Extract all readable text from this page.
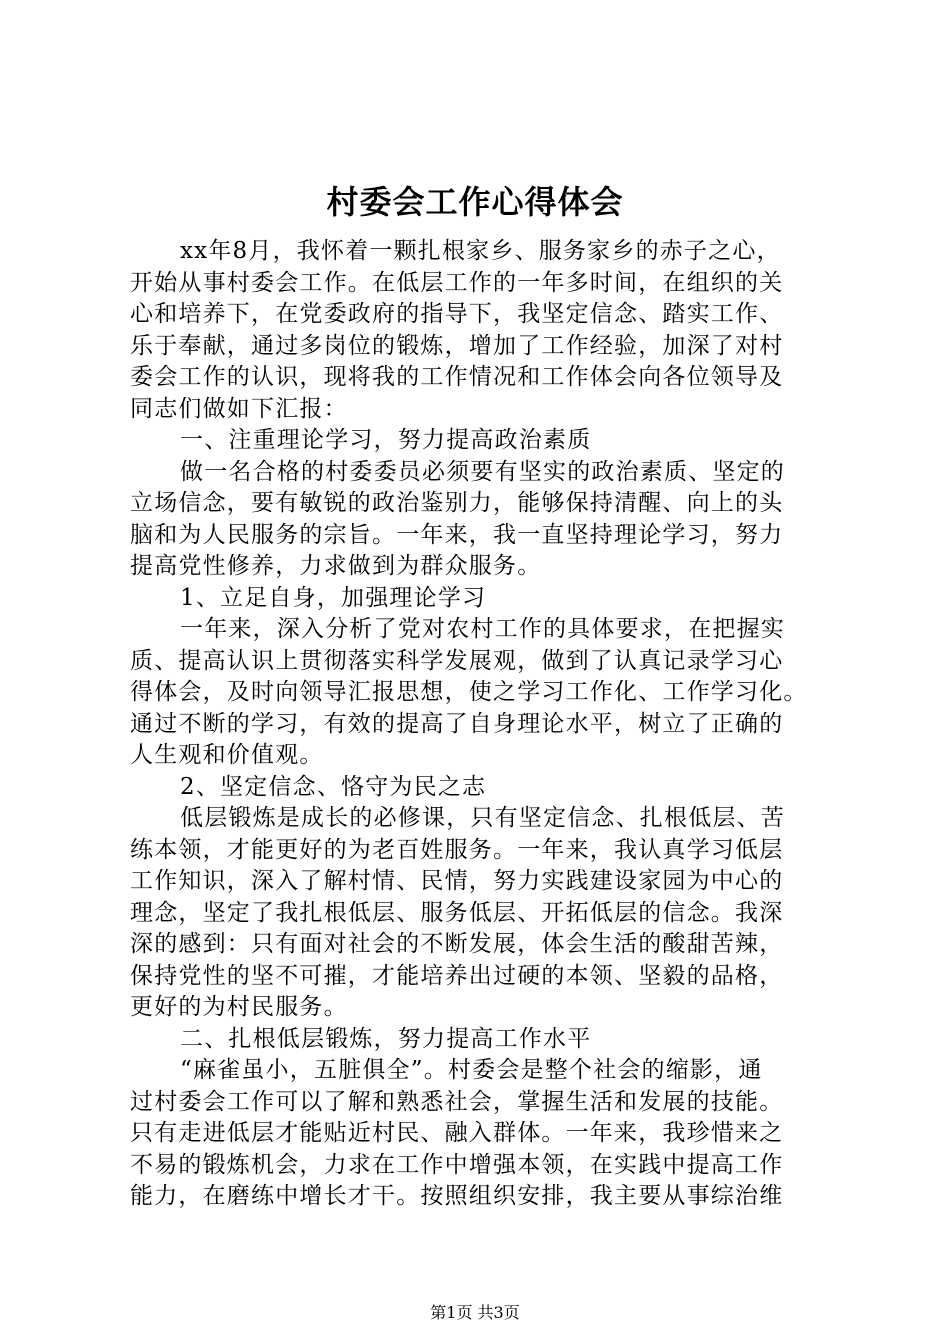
村委会工作心得体会
xx年8月，我怀着一颗扎根家乡、服务家乡的赤子之心，
开始从事村委会工作。在低层工作的一年多时间，在组织的关
心和培养下，在党委政府的指导下，我坚定信念、踏实工作、
乐于奉献，通过多岗位的锻炼，增加了工作经验，加深了对村
委会工作的认识，现将我的工作情况和工作体会向各位领导及
同志们做如下汇报：
一、注重理论学习，努力提高政治素质
做一名合格的村委委员必须要有坚实的政治素质、坚定的
立场信念，要有敏锐的政治鉴别力，能够保持清醒、向上的头
脑和为人民服务的宗旨。一年来，我一直坚持理论学习，努力
提高党性修养，力求做到为群众服务。
1、立足自身，加强理论学习
一年来，深入分析了党对农村工作的具体要求，在把握实
质、提高认识上贯彻落实科学发展观，做到了认真记录学习心
得体会，及时向领导汇报思想，使之学习工作化、工作学习化。
通过不断的学习，有效的提高了自身理论水平，树立了正确的
人生观和价值观。
2、坚定信念、恪守为民之志
低层锻炼是成长的必修课，只有坚定信念、扎根低层、苦
练本领，才能更好的为老百姓服务。一年来，我认真学习低层
工作知识，深入了解村情、民情，努力实践建设家园为中心的
理念，坚定了我扎根低层、服务低层、开拓低层的信念。我深
深的感到：只有面对社会的不断发展，体会生活的酸甜苦辣，
保持党性的坚不可摧，才能培养出过硬的本领、坚毅的品格，
更好的为村民服务。
二、扎根低层锻炼，努力提高工作水平
“麻雀虽小，五脏俱全”。村委会是整个社会的缩影，通
过村委会工作可以了解和熟悉社会，掌握生活和发展的技能。
只有走进低层才能贴近村民、融入群体。一年来，我珍惜来之
不易的锻炼机会，力求在工作中增强本领，在实践中提高工作
能力，在磨练中增长才干。按照组织安排，我主要从事综治维
第1页 共3页
